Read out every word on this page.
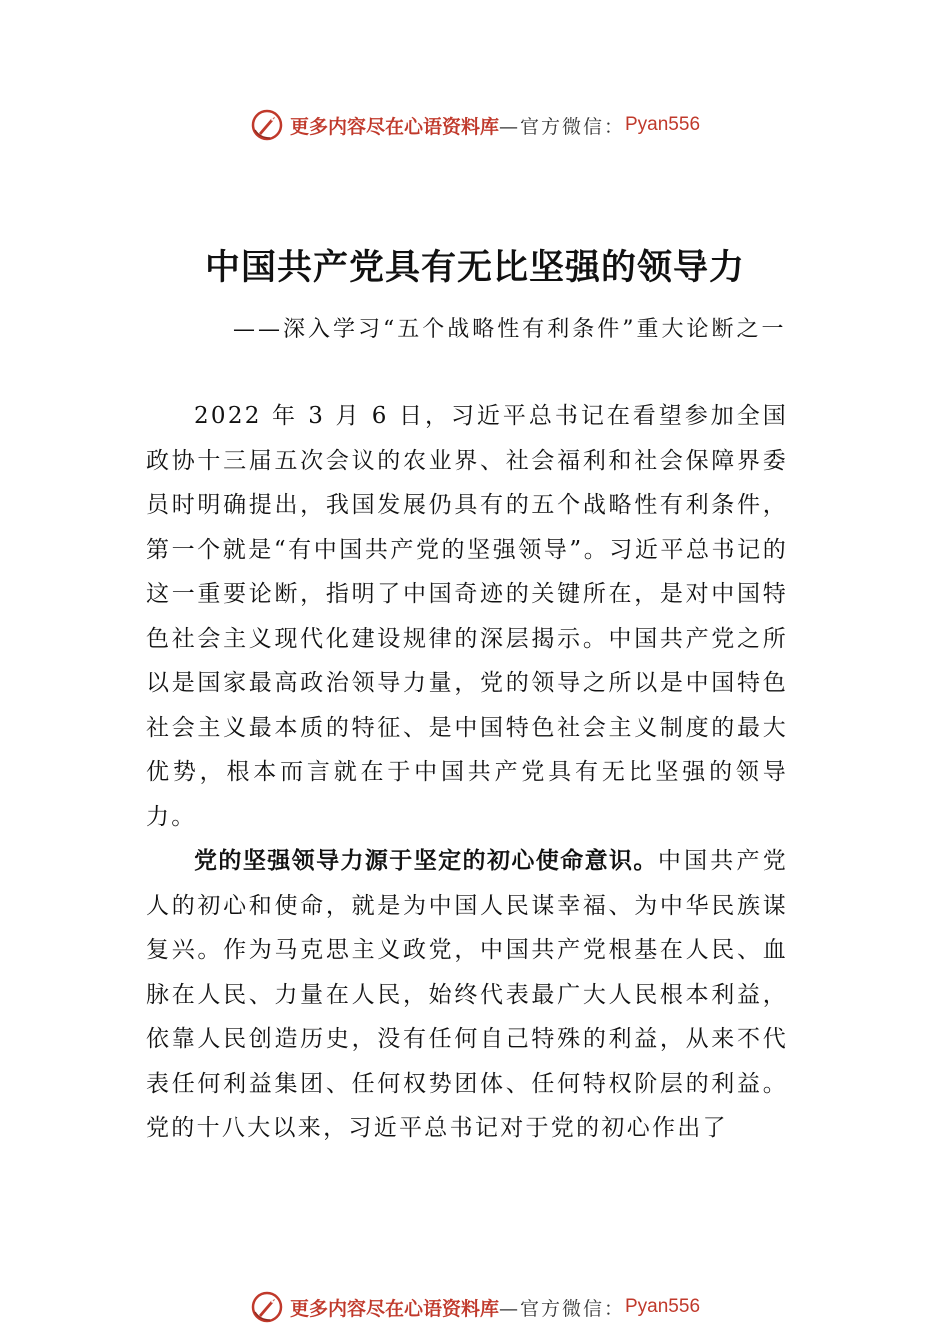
更多内容尽在心语资料库 —官方微信： Pyan556
中国共产党具有无比坚强的领导力
——深入学习“五个战略性有利条件”重大论断之一

2022 年 3 月 6 日，习近平总书记在看望参加全国政协十三届五次会议的农业界、社会福利和社会保障界委员时明确提出，我国发展仍具有的五个战略性有利条件，第一个就是“有中国共产党的坚强领导”。习近平总书记的这一重要论断，指明了中国奇迹的关键所在，是对中国特色社会主义现代化建设规律的深层揭示。中国共产党之所以是国家最高政治领导力量，党的领导之所以是中国特色社会主义最本质的特征、是中国特色社会主义制度的最大优势，根本而言就在于中国共产党具有无比坚强的领导力。

党的坚强领导力源于坚定的初心使命意识。中国共产党人的初心和使命，就是为中国人民谋幸福、为中华民族谋复兴。作为马克思主义政党，中国共产党根基在人民、血脉在人民、力量在人民，始终代表最广大人民根本利益，依靠人民创造历史，没有任何自己特殊的利益，从来不代表任何利益集团、任何权势团体、任何特权阶层的利益。党的十八大以来，习近平总书记对于党的初心作出了

更多内容尽在心语资料库 —官方微信： Pyan556
